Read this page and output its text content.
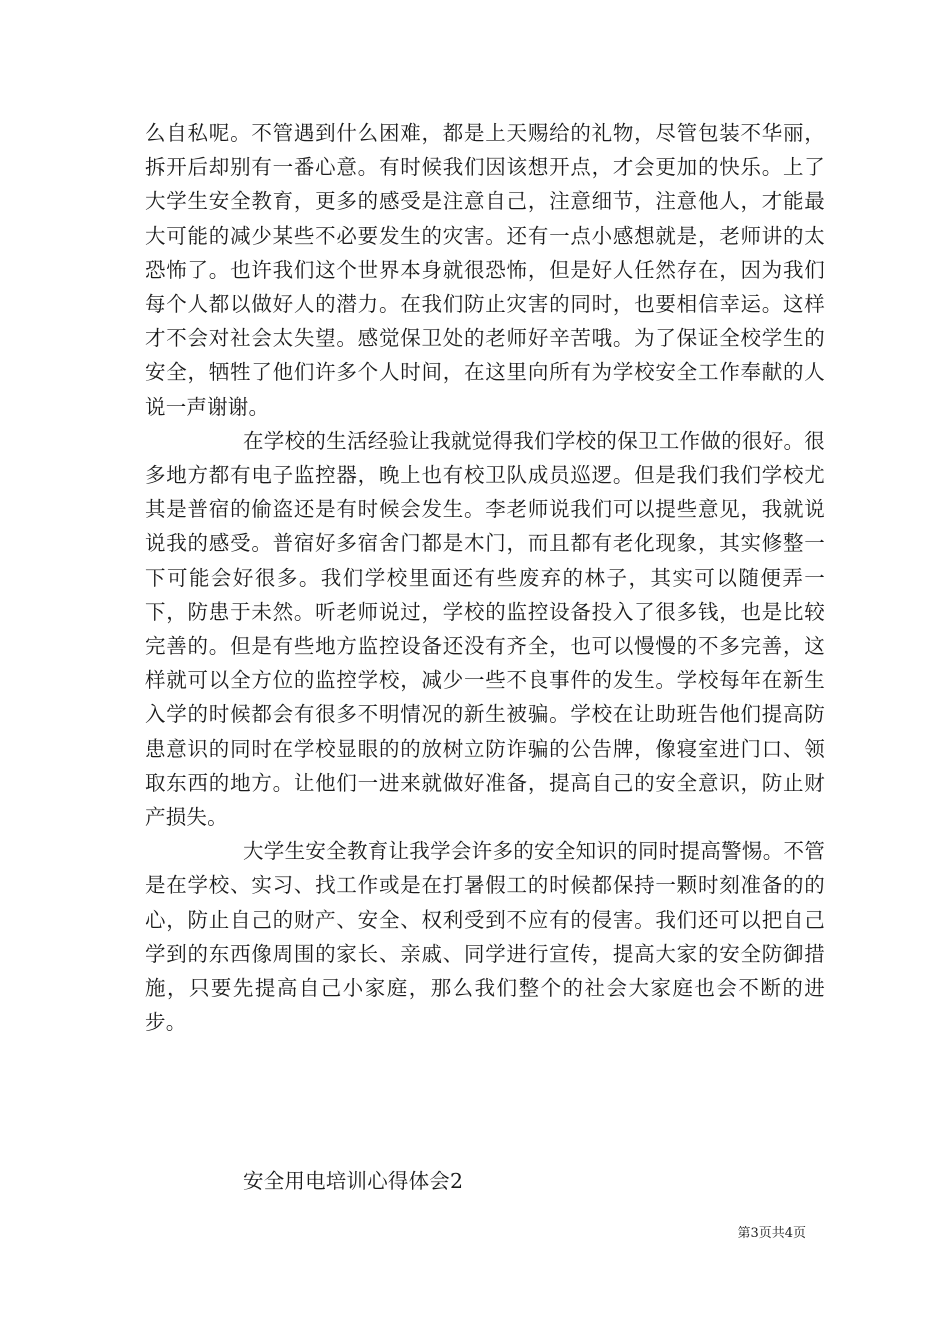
么自私呢。不管遇到什么困难，都是上天赐给的礼物，尽管包装不华丽，拆开后却别有一番心意。有时候我们因该想开点，才会更加的快乐。上了大学生安全教育，更多的感受是注意自己，注意细节，注意他人，才能最大可能的减少某些不必要发生的灾害。还有一点小感想就是，老师讲的太恐怖了。也许我们这个世界本身就很恐怖，但是好人任然存在，因为我们每个人都以做好人的潜力。在我们防止灾害的同时，也要相信幸运。这样才不会对社会太失望。感觉保卫处的老师好辛苦哦。为了保证全校学生的安全，牺牲了他们许多个人时间，在这里向所有为学校安全工作奉献的人说一声谢谢。

在学校的生活经验让我就觉得我们学校的保卫工作做的很好。很多地方都有电子监控器，晚上也有校卫队成员巡逻。但是我们我们学校尤其是普宿的偷盗还是有时候会发生。李老师说我们可以提些意见，我就说说我的感受。普宿好多宿舍门都是木门，而且都有老化现象，其实修整一下可能会好很多。我们学校里面还有些废弃的林子，其实可以随便弄一下，防患于未然。听老师说过，学校的监控设备投入了很多钱，也是比较完善的。但是有些地方监控设备还没有齐全，也可以慢慢的不多完善，这样就可以全方位的监控学校，减少一些不良事件的发生。学校每年在新生入学的时候都会有很多不明情况的新生被骗。学校在让助班告他们提高防患意识的同时在学校显眼的的放树立防诈骗的公告牌，像寝室进门口、领取东西的地方。让他们一进来就做好准备，提高自己的安全意识，防止财产损失。

大学生安全教育让我学会许多的安全知识的同时提高警惕。不管是在学校、实习、找工作或是在打暑假工的时候都保持一颗时刻准备的的心，防止自己的财产、安全、权利受到不应有的侵害。我们还可以把自己学到的东西像周围的家长、亲戚、同学进行宣传，提高大家的安全防御措施，只要先提高自己小家庭，那么我们整个的社会大家庭也会不断的进步。

安全用电培训心得体会2
第3页共4页
